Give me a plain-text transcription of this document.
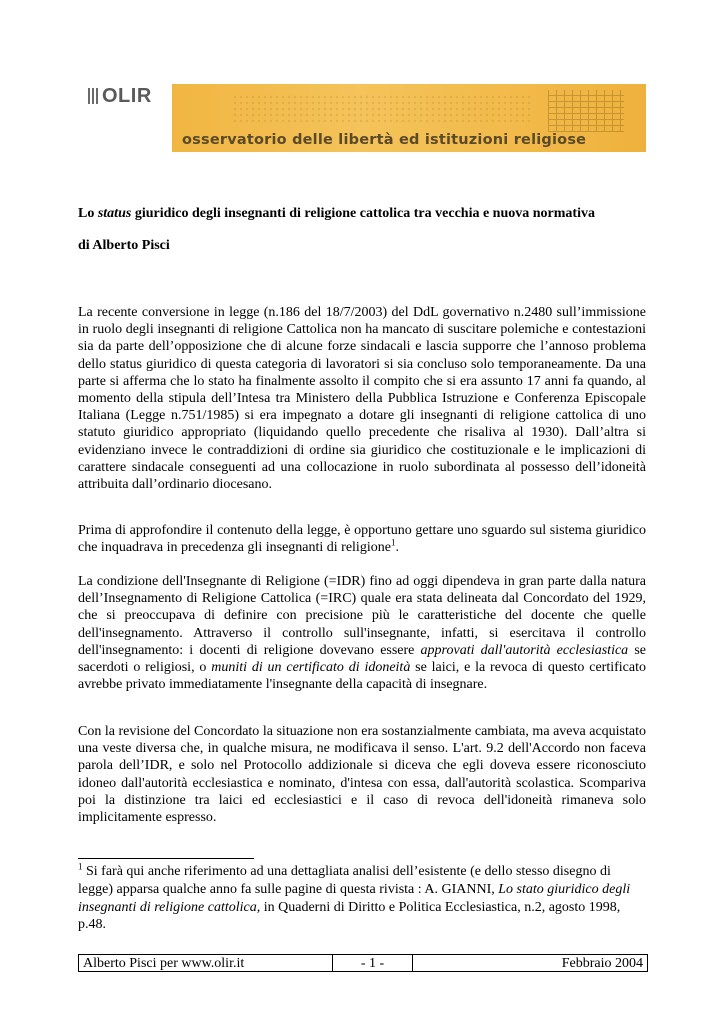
OLIR
osservatorio delle libertà ed istituzioni religiose
Lo status giuridico degli insegnanti di religione cattolica tra vecchia e nuova normativa
di Alberto Pisci

La recente conversione in legge (n.186 del 18/7/2003) del DdL governativo n.2480 sull’immissione in ruolo degli insegnanti di religione Cattolica non ha mancato di suscitare polemiche e contestazioni sia da parte dell’opposizione che di alcune forze sindacali e lascia supporre che l’annoso problema dello status giuridico di questa categoria di lavoratori si sia concluso solo temporaneamente. Da una parte si afferma che lo stato ha finalmente assolto il compito che si era assunto 17 anni fa quando, al momento della stipula dell’Intesa tra Ministero della Pubblica Istruzione e Conferenza Episcopale Italiana (Legge n.751/1985) si era impegnato a dotare gli insegnanti di religione cattolica di uno statuto giuridico appropriato (liquidando quello precedente che risaliva al 1930). Dall’altra si evidenziano invece le contraddizioni di ordine sia giuridico che costituzionale e le implicazioni di carattere sindacale conseguenti ad una collocazione in ruolo subordinata al possesso dell’idoneità attribuita dall’ordinario diocesano.

Prima di approfondire il contenuto della legge, è opportuno gettare uno sguardo sul sistema giuridico che inquadrava in precedenza gli insegnanti di religione$^1$.

La condizione dell'Insegnante di Religione (=IDR) fino ad oggi dipendeva in gran parte dalla natura dell’Insegnamento di Religione Cattolica (=IRC) quale era stata delineata dal Concordato del 1929, che si preoccupava di definire con precisione più le caratteristiche del docente che quelle dell'insegnamento. Attraverso il controllo sull'insegnante, infatti, si esercitava il controllo dell'insegnamento: i docenti di religione dovevano essere approvati dall'autorità ecclesiastica se sacerdoti o religiosi, o muniti di un certificato di idoneità se laici, e la revoca di questo certificato avrebbe privato immediatamente l'insegnante della capacità di insegnare.

Con la revisione del Concordato la situazione non era sostanzialmente cambiata, ma aveva acquistato una veste diversa che, in qualche misura, ne modificava il senso. L'art. 9.2 dell'Accordo non faceva parola dell’IDR, e solo nel Protocollo addizionale si diceva che egli doveva essere riconosciuto idoneo dall'autorità ecclesiastica e nominato, d'intesa con essa, dall'autorità scolastica. Scompariva poi la distinzione tra laici ed ecclesiastici e il caso di revoca dell'idoneità rimaneva solo implicitamente espresso.

$^1$ Si farà qui anche riferimento ad una dettagliata analisi dell’esistente (e dello stesso disegno di legge) apparsa qualche anno fa sulle pagine di questa rivista : A. GIANNI, Lo stato giuridico degli insegnanti di religione cattolica, in Quaderni di Diritto e Politica Ecclesiastica, n.2, agosto 1998, p.48.

Alberto Pisci per www.olir.it	- 1 -	Febbraio 2004
